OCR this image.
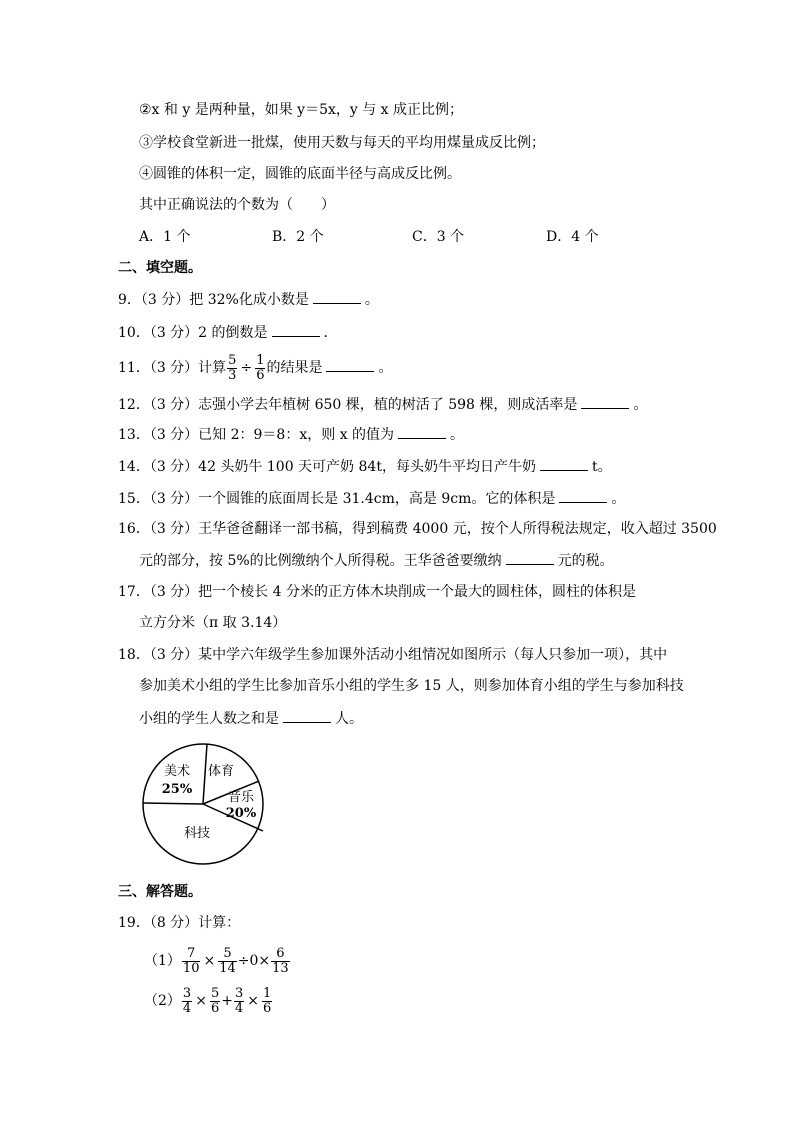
②x 和 y 是两种量，如果 y＝5x，y 与 x 成正比例；
③学校食堂新进一批煤，使用天数与每天的平均用煤量成反比例；
④圆锥的体积一定，圆锥的底面半径与高成反比例。
其中正确说法的个数为（　　）
A．1 个	B．2 个	C．3 个	D．4 个
二、填空题。
9．（3 分）把 32%化成小数是	。
10．（3 分）2 的倒数是	．
11．（3 分）计算 $\frac{5}{3} \div \frac{1}{6}$ 的结果是	。
12．（3 分）志强小学去年植树 650 棵，植的树活了 598 棵，则成活率是	。
13．（3 分）已知 2：9＝8：x，则 x 的值为	。
14．（3 分）42 头奶牛 100 天可产奶 84t，每头奶牛平均日产牛奶	t。
15．（3 分）一个圆锥的底面周长是 31.4cm，高是 9cm。它的体积是	。
16．（3 分）王华爸爸翻译一部书稿，得到稿费 4000 元，按个人所得税法规定，收入超过 3500
元的部分，按 5%的比例缴纳个人所得税。王华爸爸要缴纳	元的税。
17．（3 分）把一个棱长 4 分米的正方体木块削成一个最大的圆柱体，圆柱的体积是
立方分米（π 取 3.14）
18．（3 分）某中学六年级学生参加课外活动小组情况如图所示（每人只参加一项），其中
参加美术小组的学生比参加音乐小组的学生多 15 人，则参加体育小组的学生与参加科技
小组的学生人数之和是	人。
美术
25%
体育
音乐
20%
科技
三、解答题。
19．（8 分）计算：
$(1) \frac{7}{10} \times \frac{5}{14} \div 0\times \frac{6}{13}$
$(2) \frac{3}{4} \times \frac{5}{6} + \frac{3}{4} \times \frac{1}{6}$
